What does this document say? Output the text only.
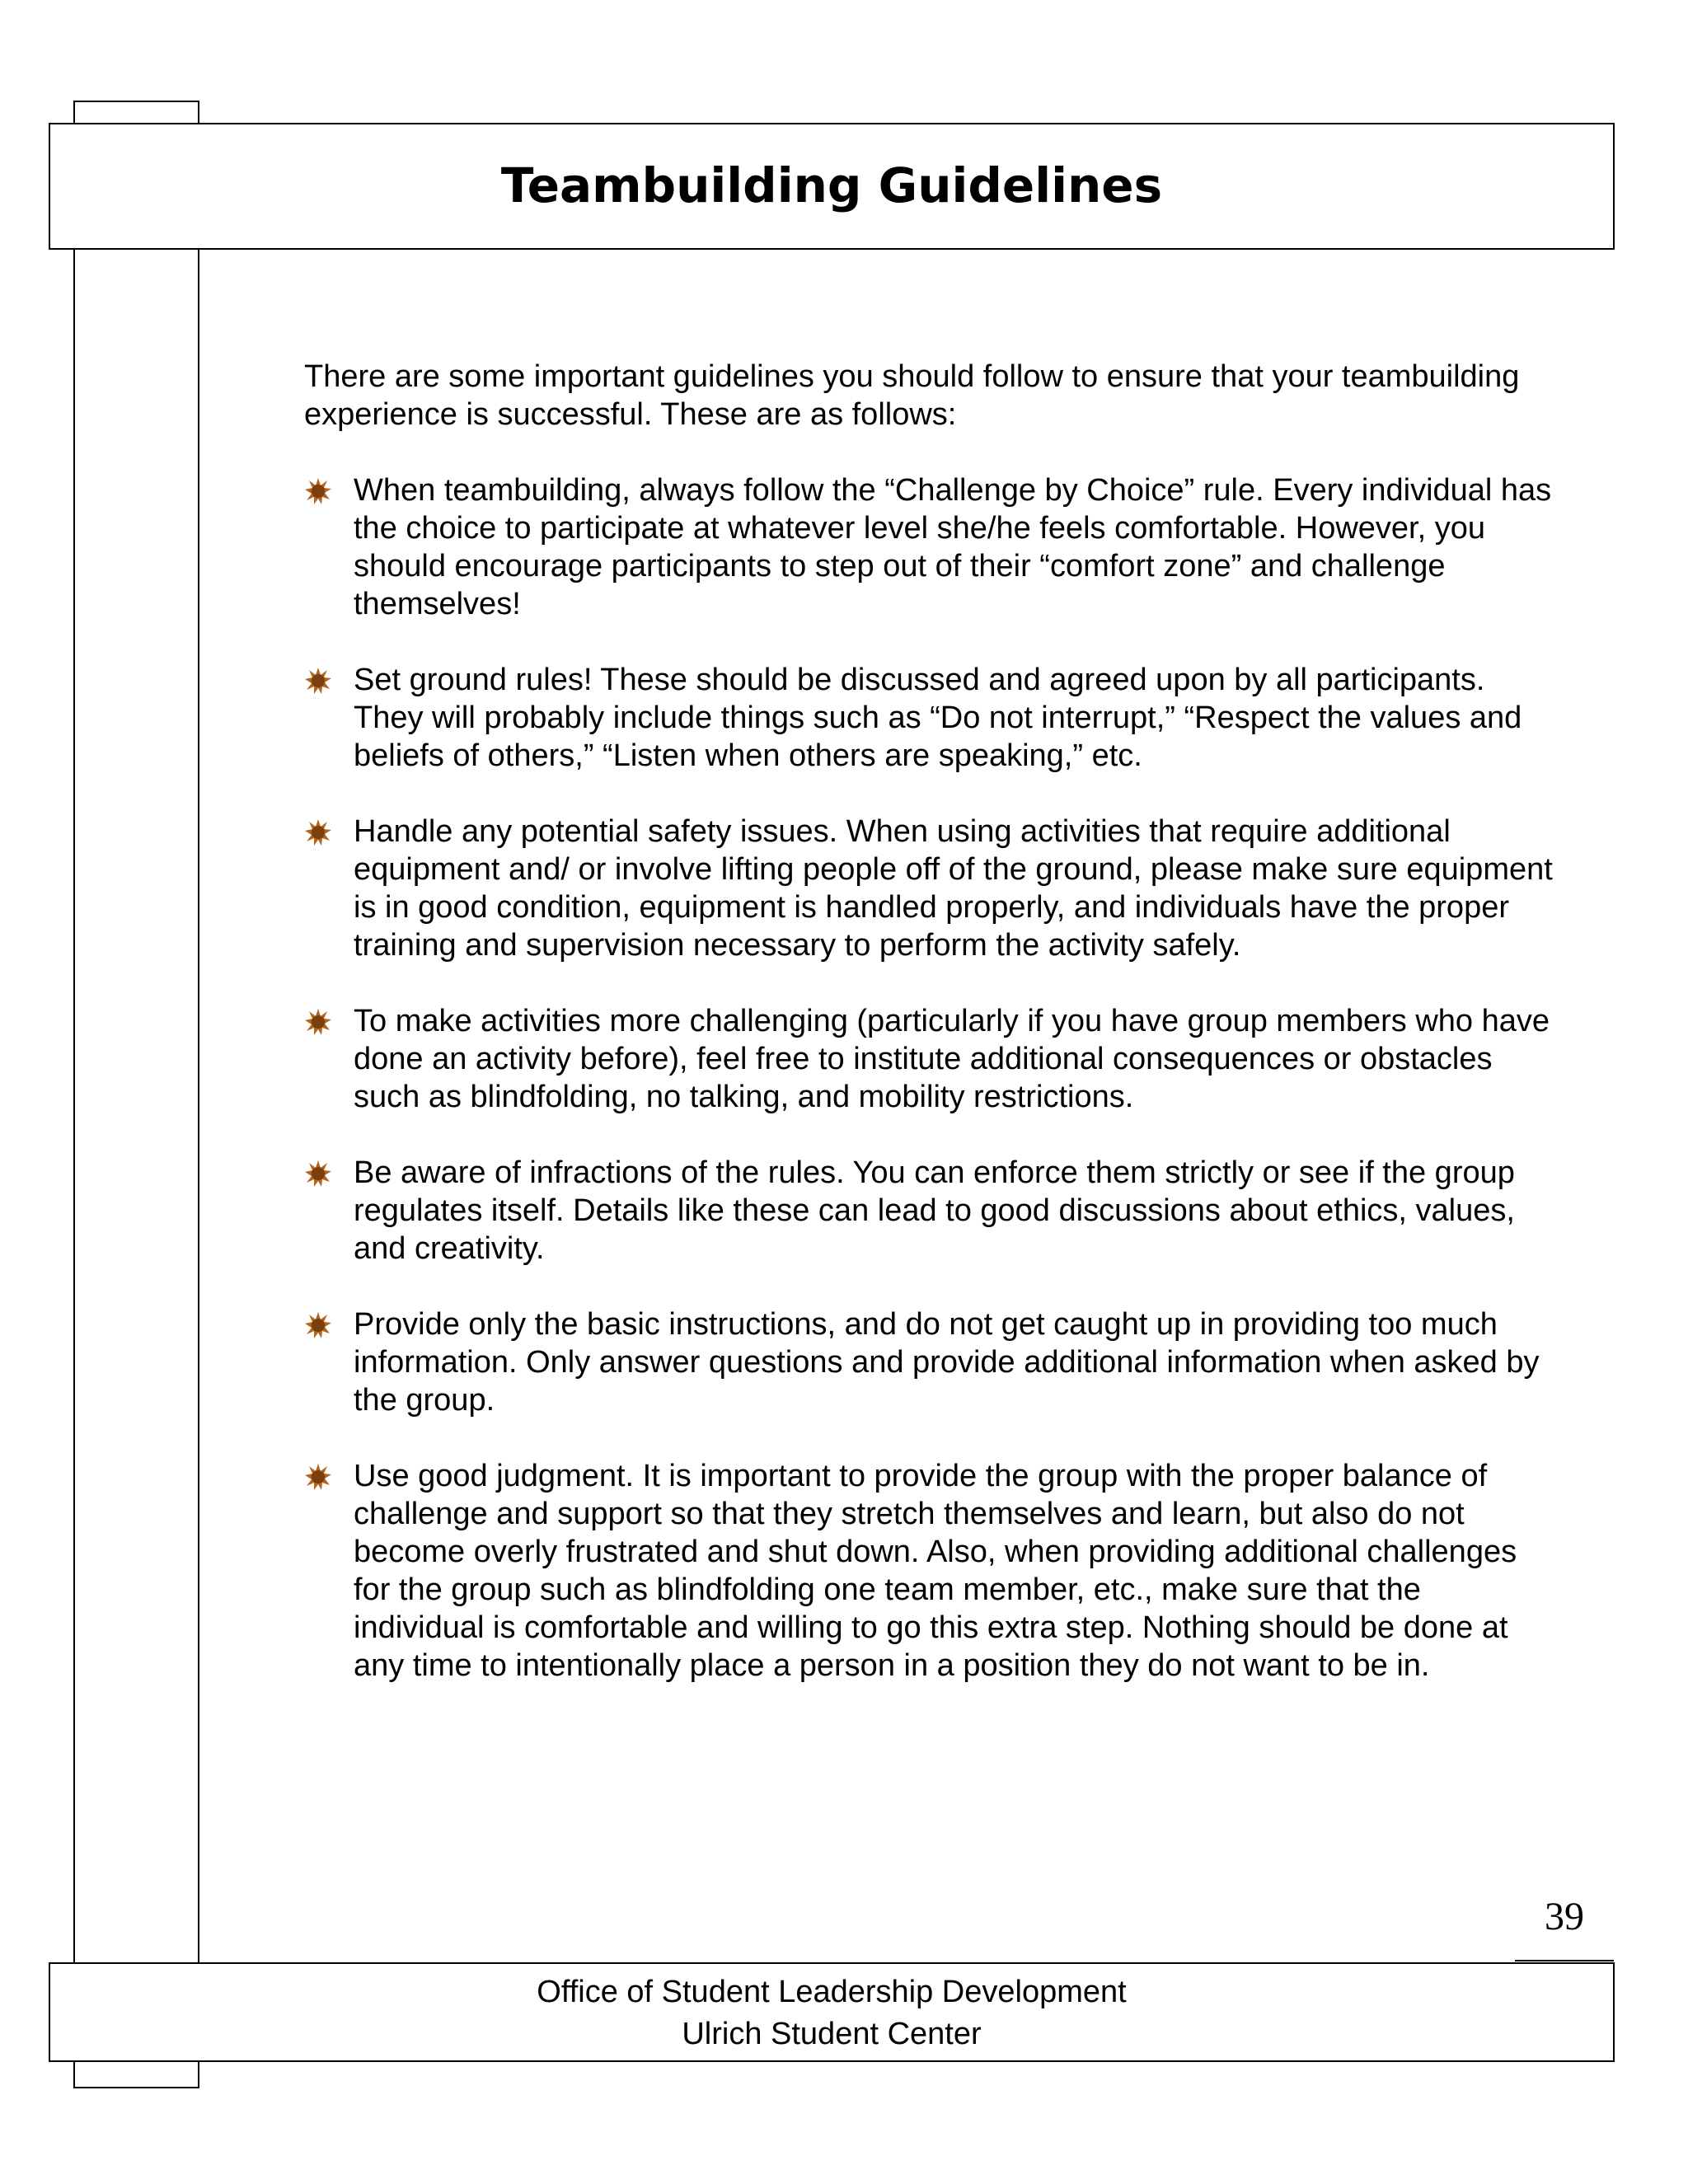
Teambuilding Guidelines

There are some important guidelines you should follow to ensure that your teambuilding experience is successful. These are as follows:

When teambuilding, always follow the “Challenge by Choice” rule. Every individual has the choice to participate at whatever level she/he feels comfortable. However, you should encourage participants to step out of their “comfort zone” and challenge themselves!
Set ground rules! These should be discussed and agreed upon by all participants. They will probably include things such as “Do not interrupt,” “Respect the values and beliefs of others,” “Listen when others are speaking,” etc.
Handle any potential safety issues. When using activities that require additional equipment and/ or involve lifting people off of the ground, please make sure equipment is in good condition, equipment is handled properly, and individuals have the proper training and supervision necessary to perform the activity safely.
To make activities more challenging (particularly if you have group members who have done an activity before), feel free to institute additional consequences or obstacles such as blindfolding, no talking, and mobility restrictions.
Be aware of infractions of the rules. You can enforce them strictly or see if the group regulates itself. Details like these can lead to good discussions about ethics, values, and creativity.
Provide only the basic instructions, and do not get caught up in providing too much information. Only answer questions and provide additional information when asked by the group.
Use good judgment. It is important to provide the group with the proper balance of challenge and support so that they stretch themselves and learn, but also do not become overly frustrated and shut down. Also, when providing additional challenges for the group such as blindfolding one team member, etc., make sure that the individual is comfortable and willing to go this extra step. Nothing should be done at any time to intentionally place a person in a position they do not want to be in.
39
Office of Student Leadership Development
Ulrich Student Center
